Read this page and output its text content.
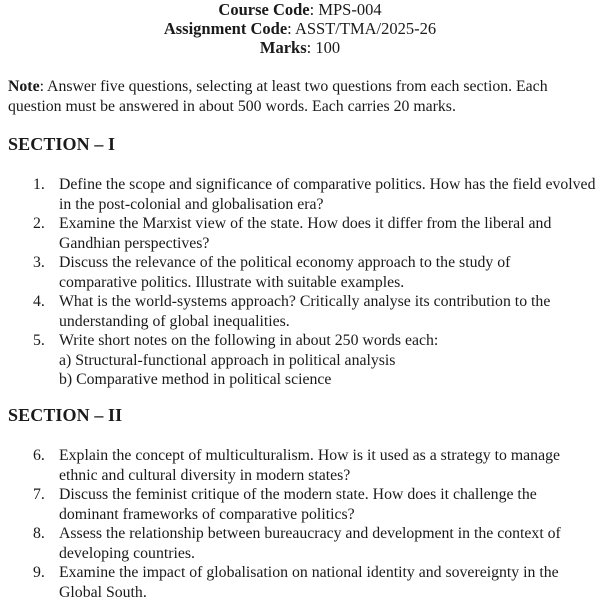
Course Code: MPS-004
Assignment Code: ASST/TMA/2025-26
Marks: 100
Note: Answer five questions, selecting at least two questions from each section. Each question must be answered in about 500 words. Each carries 20 marks.
SECTION – I
1. Define the scope and significance of comparative politics. How has the field evolved in the post-colonial and globalisation era?
2. Examine the Marxist view of the state. How does it differ from the liberal and Gandhian perspectives?
3. Discuss the relevance of the political economy approach to the study of comparative politics. Illustrate with suitable examples.
4. What is the world-systems approach? Critically analyse its contribution to the understanding of global inequalities.
5. Write short notes on the following in about 250 words each:
a) Structural-functional approach in political analysis
b) Comparative method in political science
SECTION – II
6. Explain the concept of multiculturalism. How is it used as a strategy to manage ethnic and cultural diversity in modern states?
7. Discuss the feminist critique of the modern state. How does it challenge the dominant frameworks of comparative politics?
8. Assess the relationship between bureaucracy and development in the context of developing countries.
9. Examine the impact of globalisation on national identity and sovereignty in the Global South.
